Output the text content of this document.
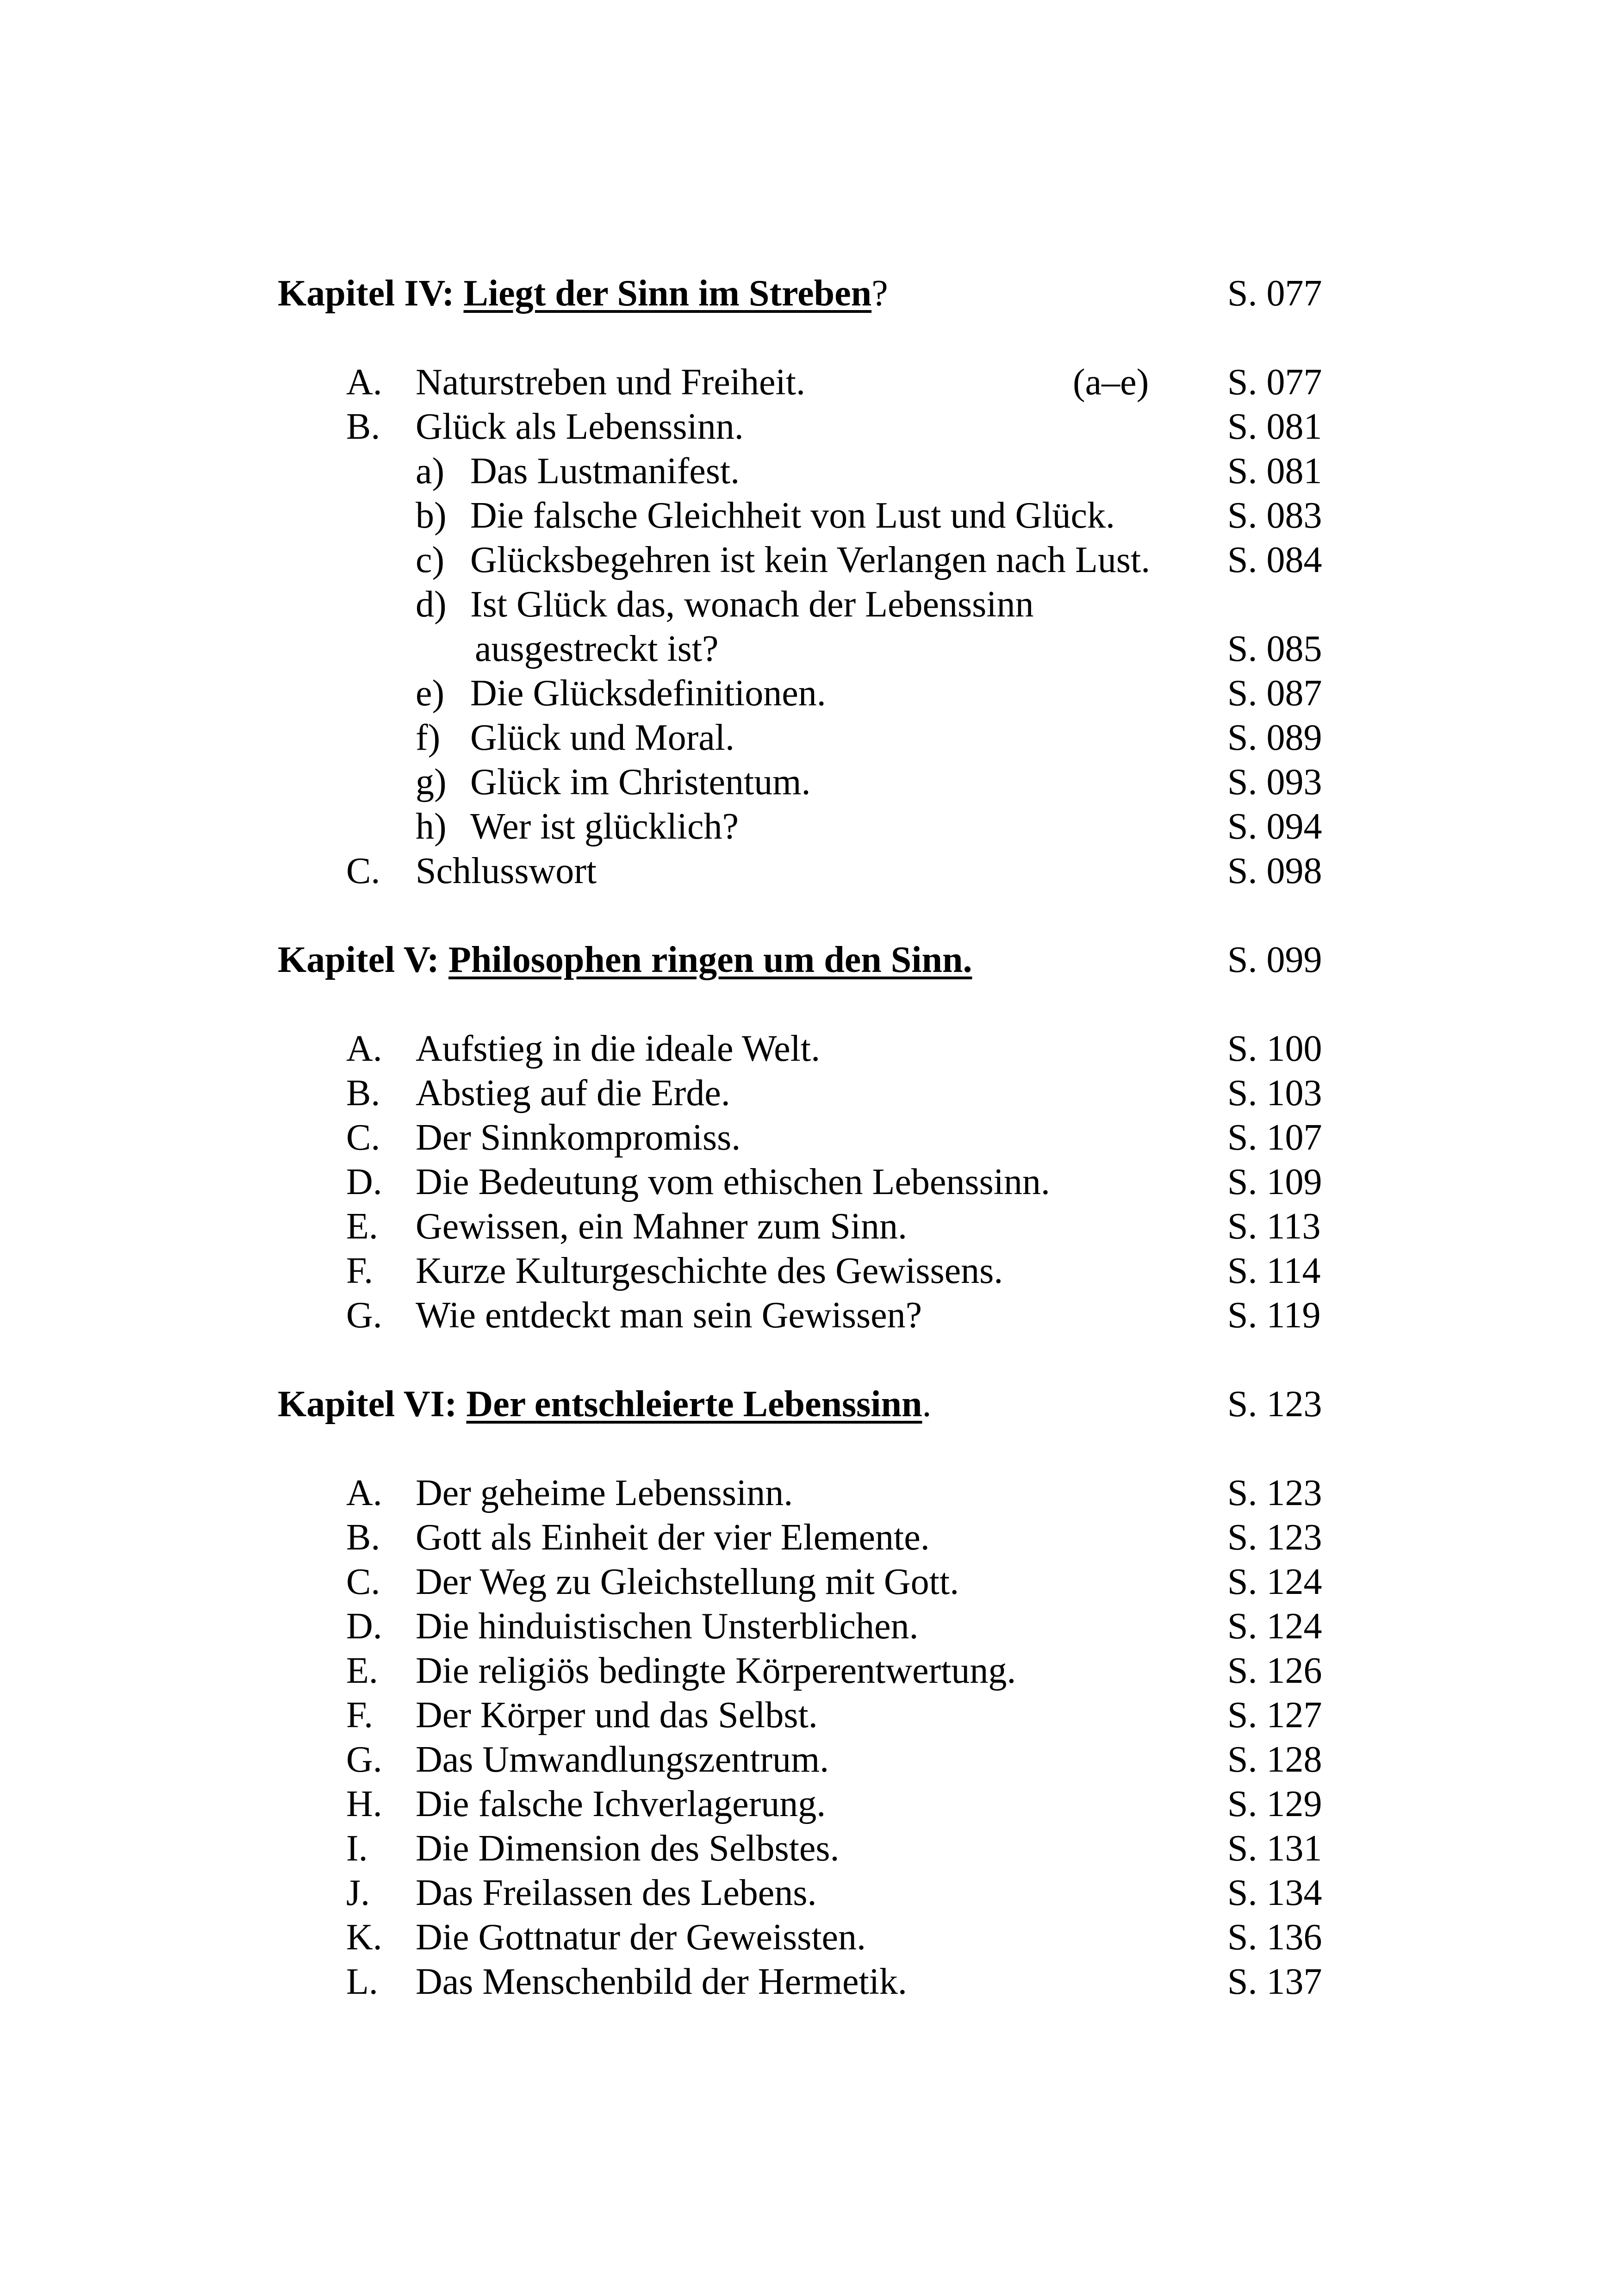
Kapitel IV: Liegt der Sinn im Streben?	S. 077
A. Naturstreben und Freiheit.	(a–e) S. 077
B. Glück als Lebenssinn.	S. 081
a) Das Lustmanifest.	S. 081
b) Die falsche Gleichheit von Lust und Glück.	S. 083
c) Glücksbegehren ist kein Verlangen nach Lust. S. 084
d) Ist Glück das, wonach der Lebenssinn
ausgestreckt ist?	S. 085
e) Die Glücksdefinitionen.	S. 087
f) Glück und Moral.	S. 089
g) Glück im Christentum.	S. 093
h) Wer ist glücklich?	S. 094
C. Schlusswort	S. 098
Kapitel V: Philosophen ringen um den Sinn.	S. 099
A. Aufstieg in die ideale Welt.	S. 100
B. Abstieg auf die Erde.	S. 103
C. Der Sinnkompromiss.	S. 107
D. Die Bedeutung vom ethischen Lebenssinn.	S. 109
E. Gewissen, ein Mahner zum Sinn.	S. 113
F. Kurze Kulturgeschichte des Gewissens.	S. 114
G. Wie entdeckt man sein Gewissen?	S. 119
Kapitel VI: Der entschleierte Lebenssinn.	S. 123
A. Der geheime Lebenssinn.	S. 123
B. Gott als Einheit der vier Elemente.	S. 123
C. Der Weg zu Gleichstellung mit Gott.	S. 124
D. Die hinduistischen Unsterblichen.	S. 124
E. Die religiös bedingte Körperentwertung.	S. 126
F. Der Körper und das Selbst.	S. 127
G. Das Umwandlungszentrum.	S. 128
H. Die falsche Ichverlagerung.	S. 129
I. Die Dimension des Selbstes.	S. 131
J. Das Freilassen des Lebens.	S. 134
K. Die Gottnatur der Geweissten.	S. 136
L. Das Menschenbild der Hermetik.	S. 137
